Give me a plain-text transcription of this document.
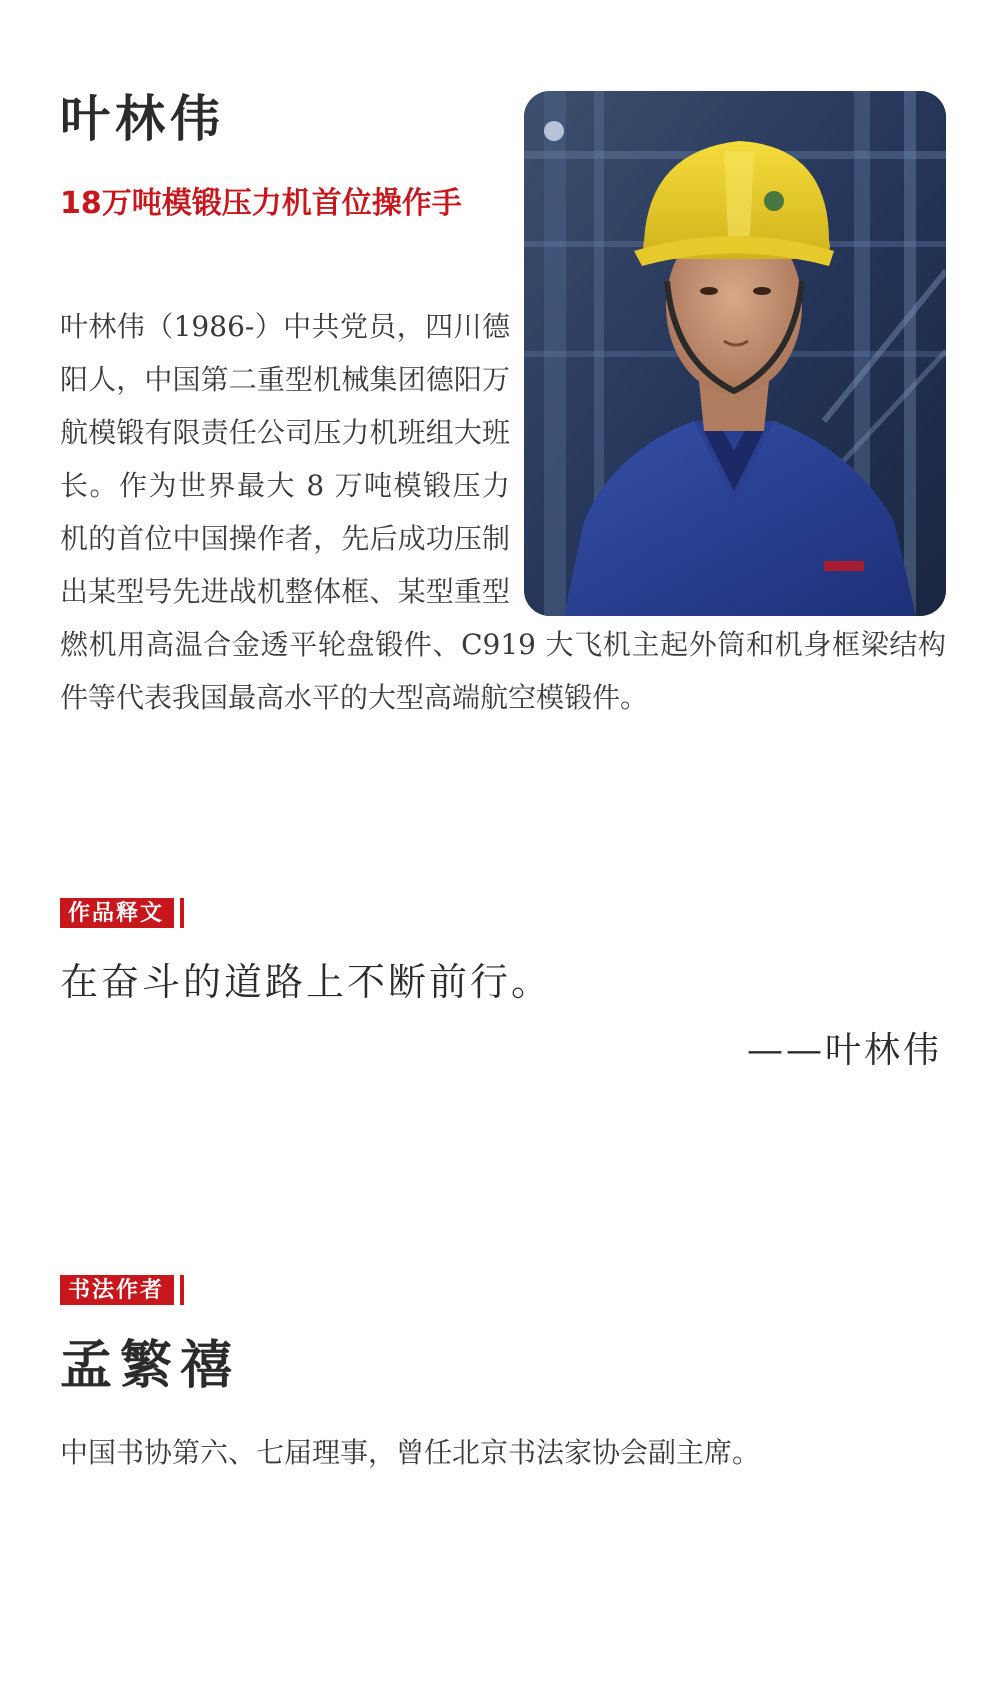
叶林伟
18万吨模锻压力机首位操作手
叶林伟（1986-）中共党员，四川德阳人，中国第二重型机械集团德阳万航模锻有限责任公司压力机班组大班长。作为世界最大 8 万吨模锻压力机的首位中国操作者，先后成功压制出某型号先进战机整体框、某型重型燃机用高温合金透平轮盘锻件、C919 大飞机主起外筒和机身框梁结构件等代表我国最高水平的大型高端航空模锻件。
作品释文

在奋斗的道路上不断前行。

——叶林伟

书法作者
孟繁禧

中国书协第六、七届理事，曾任北京书法家协会副主席。
